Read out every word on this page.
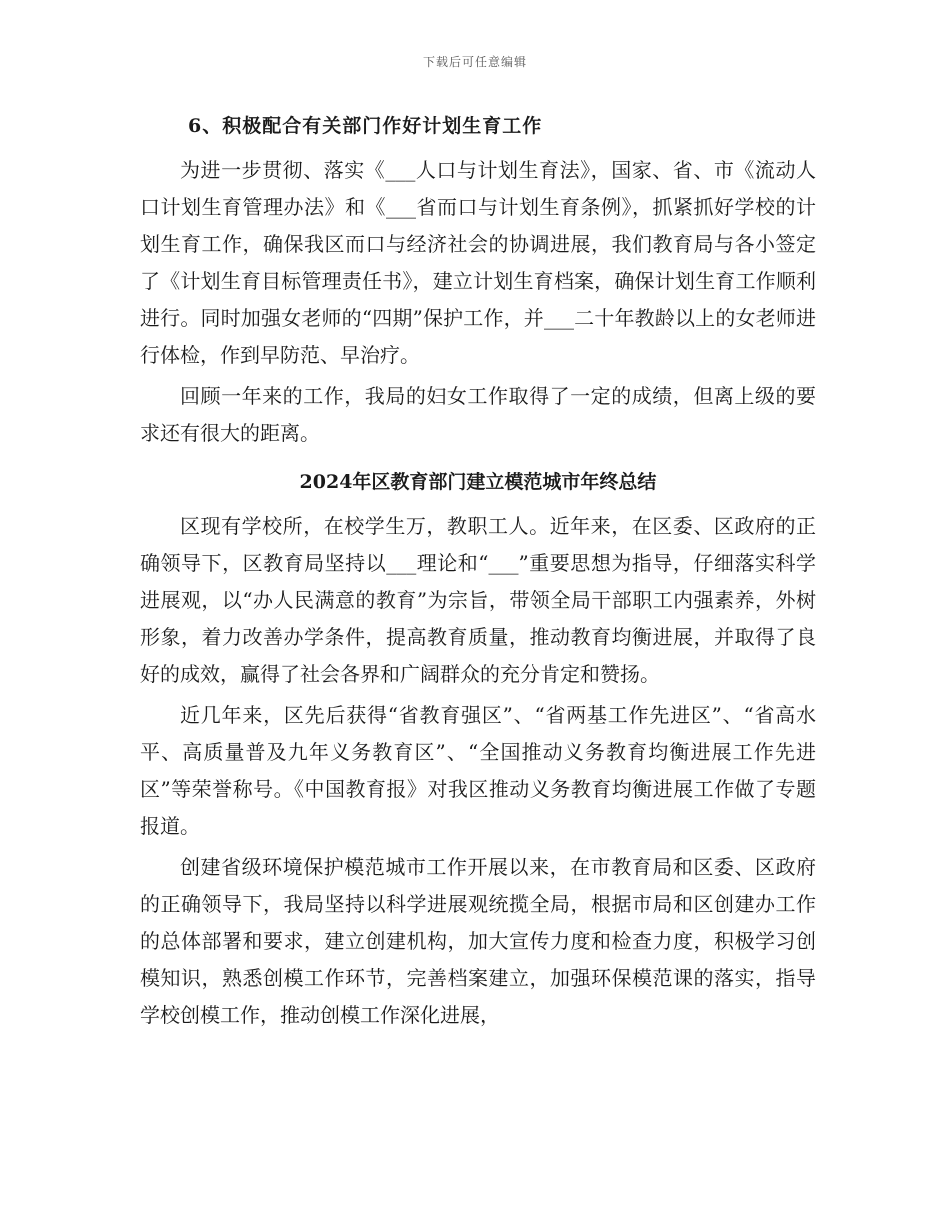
下载后可任意编辑
6、积极配合有关部门作好计划生育工作

为进一步贯彻、落实《___人口与计划生育法》，国家、省、市《流动人口计划生育管理办法》和《___省而口与计划生育条例》，抓紧抓好学校的计划生育工作，确保我区而口与经济社会的协调进展，我们教育局与各小签定了《计划生育目标管理责任书》，建立计划生育档案，确保计划生育工作顺利进行。同时加强女老师的“四期”保护工作，并___二十年教龄以上的女老师进行体检，作到早防范、早治疗。

回顾一年来的工作，我局的妇女工作取得了一定的成绩，但离上级的要求还有很大的距离。

2024年区教育部门建立模范城市年终总结

区现有学校所，在校学生万，教职工人。近年来，在区委、区政府的正确领导下，区教育局坚持以___理论和“___”重要思想为指导，仔细落实科学进展观，以“办人民满意的教育”为宗旨，带领全局干部职工内强素养，外树形象，着力改善办学条件，提高教育质量，推动教育均衡进展，并取得了良好的成效，赢得了社会各界和广阔群众的充分肯定和赞扬。

近几年来，区先后获得“省教育强区”、“省两基工作先进区”、“省高水平、高质量普及九年义务教育区”、“全国推动义务教育均衡进展工作先进区”等荣誉称号。《中国教育报》对我区推动义务教育均衡进展工作做了专题报道。

创建省级环境保护模范城市工作开展以来，在市教育局和区委、区政府的正确领导下，我局坚持以科学进展观统揽全局，根据市局和区创建办工作的总体部署和要求，建立创建机构，加大宣传力度和检查力度，积极学习创模知识，熟悉创模工作环节，完善档案建立，加强环保模范课的落实，指导学校创模工作，推动创模工作深化进展，
